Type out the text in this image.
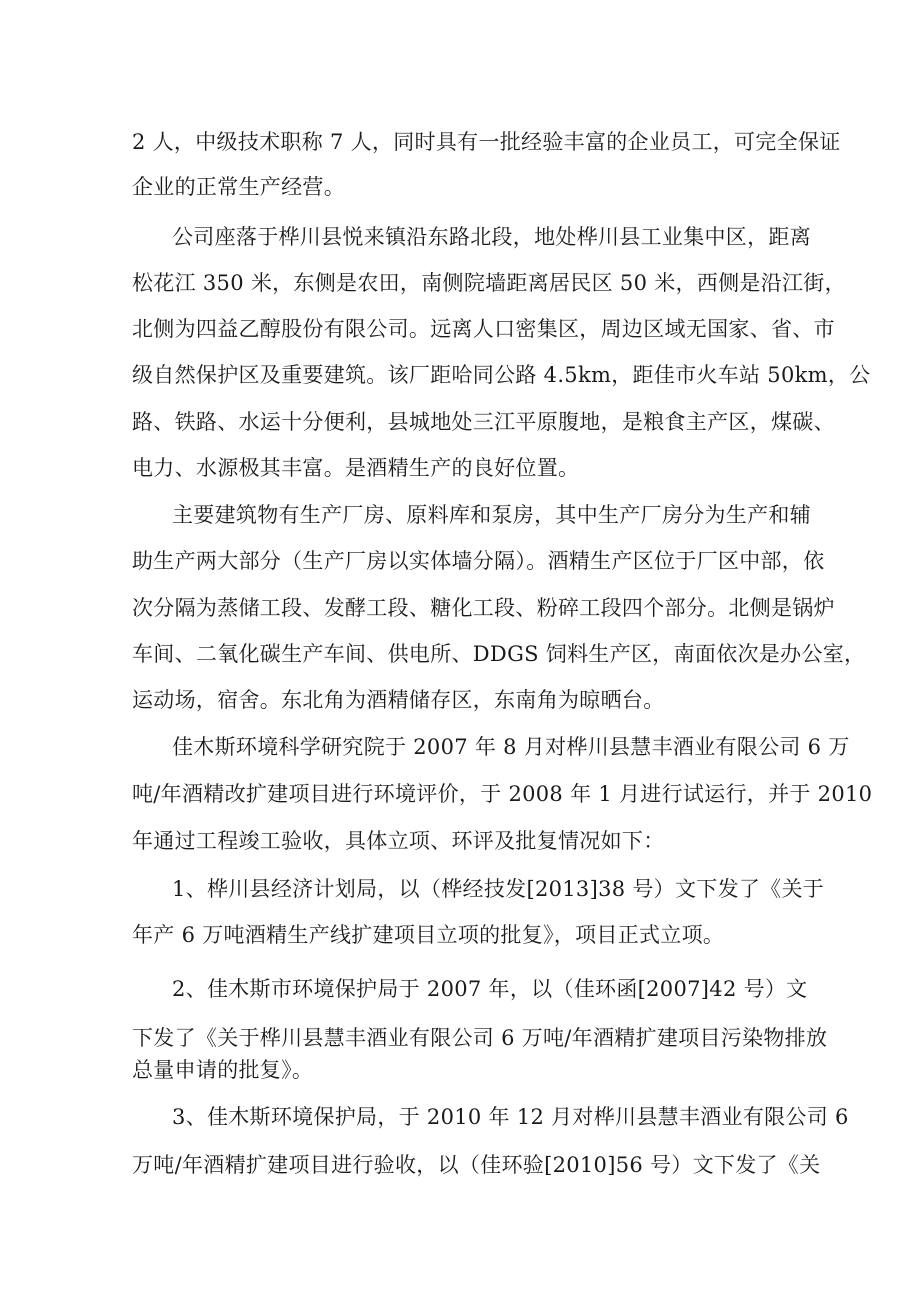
2 人，中级技术职称 7 人，同时具有一批经验丰富的企业员工，可完全保证
企业的正常生产经营。
公司座落于桦川县悦来镇沿东路北段，地处桦川县工业集中区，距离
松花江 350 米，东侧是农田，南侧院墙距离居民区 50 米，西侧是沿江街，
北侧为四益乙醇股份有限公司。远离人口密集区，周边区域无国家、省、市
级自然保护区及重要建筑。该厂距哈同公路 4.5km，距佳市火车站 50km，公
路、铁路、水运十分便利，县城地处三江平原腹地，是粮食主产区，煤碳、
电力、水源极其丰富。是酒精生产的良好位置。
主要建筑物有生产厂房、原料库和泵房，其中生产厂房分为生产和辅
助生产两大部分（生产厂房以实体墙分隔）。酒精生产区位于厂区中部，依
次分隔为蒸储工段、发酵工段、糖化工段、粉碎工段四个部分。北侧是锅炉
车间、二氧化碳生产车间、供电所、DDGS 饲料生产区，南面依次是办公室，
运动场，宿舍。东北角为酒精储存区，东南角为晾晒台。
佳木斯环境科学研究院于 2007 年 8 月对桦川县慧丰酒业有限公司 6 万
吨/年酒精改扩建项目进行环境评价，于 2008 年 1 月进行试运行，并于 2010
年通过工程竣工验收，具体立项、环评及批复情况如下：
1、桦川县经济计划局，以（桦经技发[2013]38 号）文下发了《关于
年产 6 万吨酒精生产线扩建项目立项的批复》，项目正式立项。
2、佳木斯市环境保护局于 2007 年，以（佳环函[2007]42 号）文
下发了《关于桦川县慧丰酒业有限公司 6 万吨/年酒精扩建项目污染物排放
总量申请的批复》。
3、佳木斯环境保护局，于 2010 年 12 月对桦川县慧丰酒业有限公司 6
万吨/年酒精扩建项目进行验收，以（佳环验[2010]56 号）文下发了《关
